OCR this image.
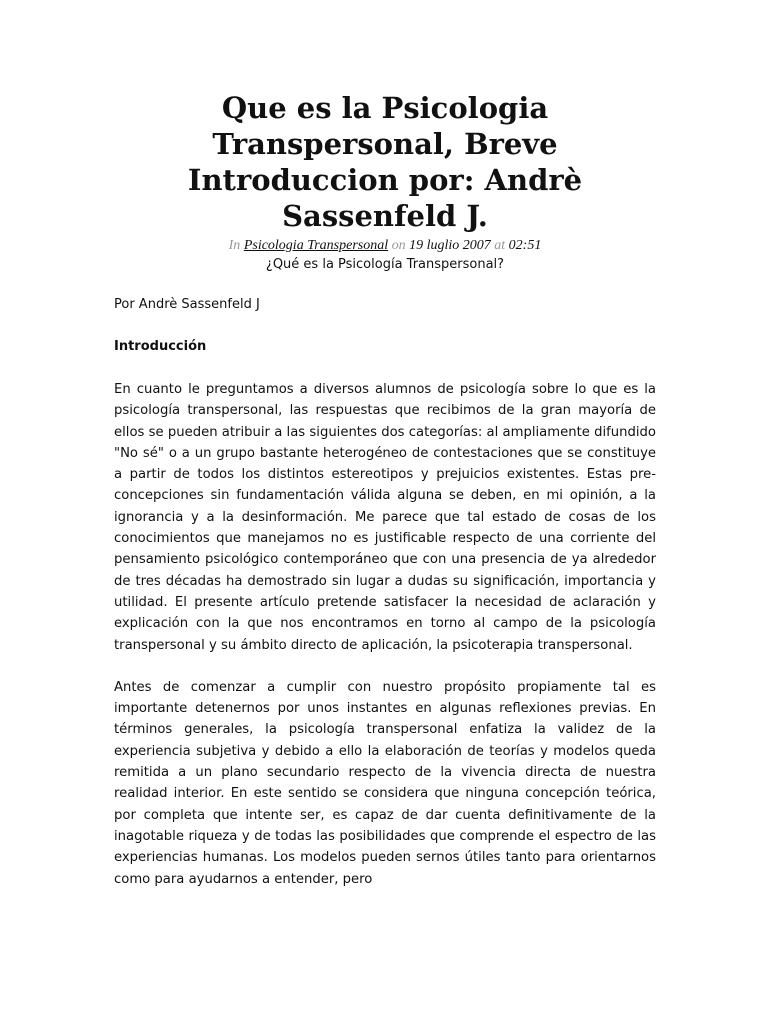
Que es la Psicologia Transpersonal, Breve Introduccion por: Andrè Sassenfeld J.
In Psicologia Transpersonal on 19 luglio 2007 at 02:51
¿Qué es la Psicología Transpersonal?
Por Andrè Sassenfeld J
Introducción

En cuanto le preguntamos a diversos alumnos de psicología sobre lo que es la psicología transpersonal, las respuestas que recibimos de la gran mayoría de ellos se pueden atribuir a las siguientes dos categorías: al ampliamente difundido "No sé" o a un grupo bastante heterogéneo de contestaciones que se constituye a partir de todos los distintos estereotipos y prejuicios existentes. Estas pre-concepciones sin fundamentación válida alguna se deben, en mi opinión, a la ignorancia y a la desinformación. Me parece que tal estado de cosas de los conocimientos que manejamos no es justificable respecto de una corriente del pensamiento psicológico contemporáneo que con una presencia de ya alrededor de tres décadas ha demostrado sin lugar a dudas su significación, importancia y utilidad. El presente artículo pretende satisfacer la necesidad de aclaración y explicación con la que nos encontramos en torno al campo de la psicología transpersonal y su ámbito directo de aplicación, la psicoterapia transpersonal.

Antes de comenzar a cumplir con nuestro propósito propiamente tal es importante detenernos por unos instantes en algunas reflexiones previas. En términos generales, la psicología transpersonal enfatiza la validez de la experiencia subjetiva y debido a ello la elaboración de teorías y modelos queda remitida a un plano secundario respecto de la vivencia directa de nuestra realidad interior. En este sentido se considera que ninguna concepción teórica, por completa que intente ser, es capaz de dar cuenta definitivamente de la inagotable riqueza y de todas las posibilidades que comprende el espectro de las experiencias humanas. Los modelos pueden sernos útiles tanto para orientarnos como para ayudarnos a entender, pero
